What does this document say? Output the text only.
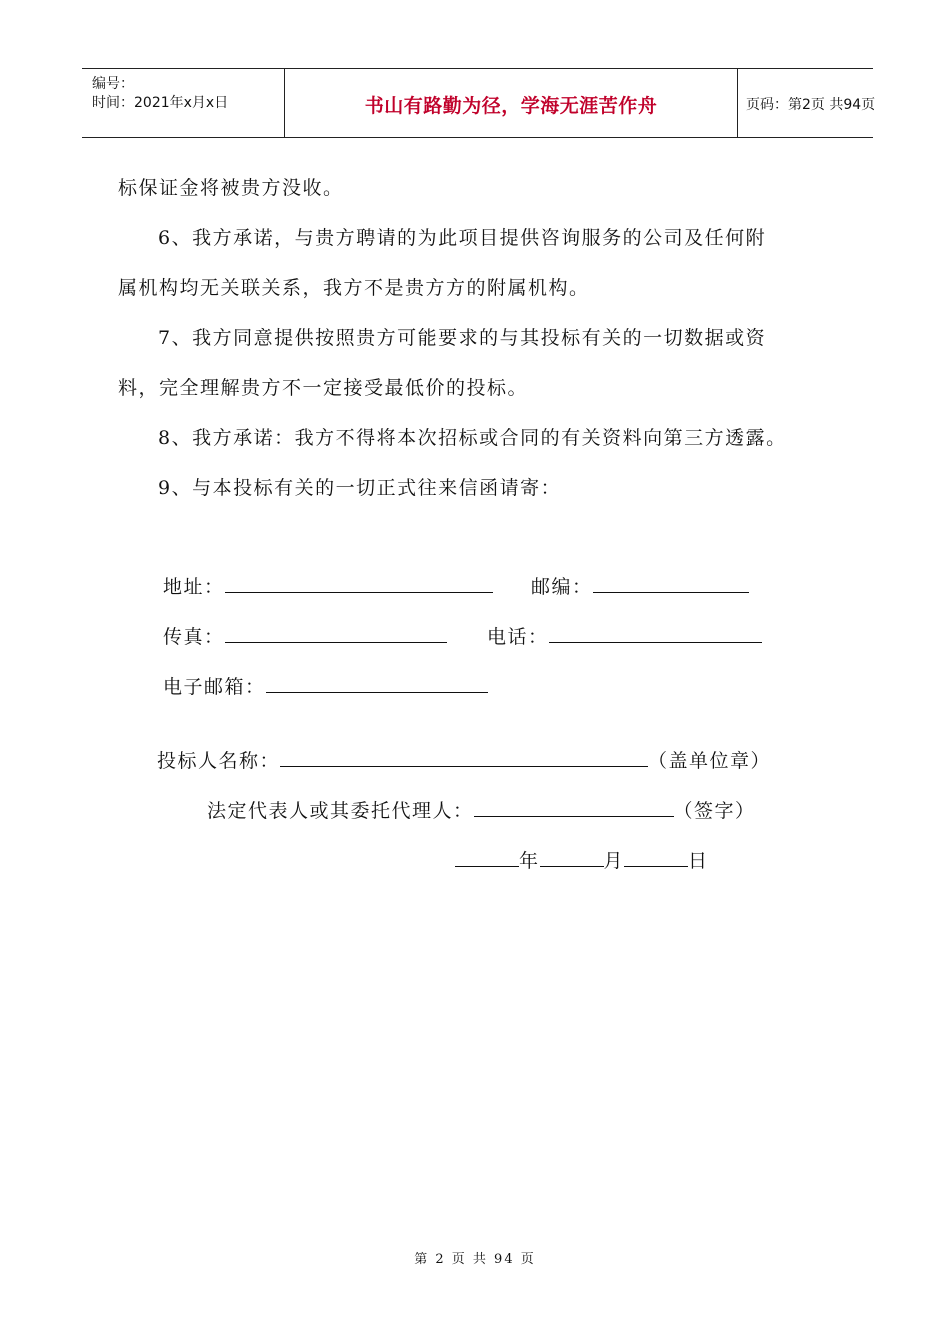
编号：
时间：2021年x月x日	书山有路勤为径，学海无涯苦作舟	页码：第2页 共94页
标保证金将被贵方没收。
6、我方承诺，与贵方聘请的为此项目提供咨询服务的公司及任何附
属机构均无关联关系，我方不是贵方方的附属机构。
7、我方同意提供按照贵方可能要求的与其投标有关的一切数据或资
料，完全理解贵方不一定接受最低价的投标。
8、我方承诺：我方不得将本次招标或合同的有关资料向第三方透露。
9、与本投标有关的一切正式往来信函请寄：
地址：	邮编：
传真：	电话：
电子邮箱：
投标人名称：	（盖单位章）
法定代表人或其委托代理人：	（签字）
年	月	日
第 2 页 共 94 页
